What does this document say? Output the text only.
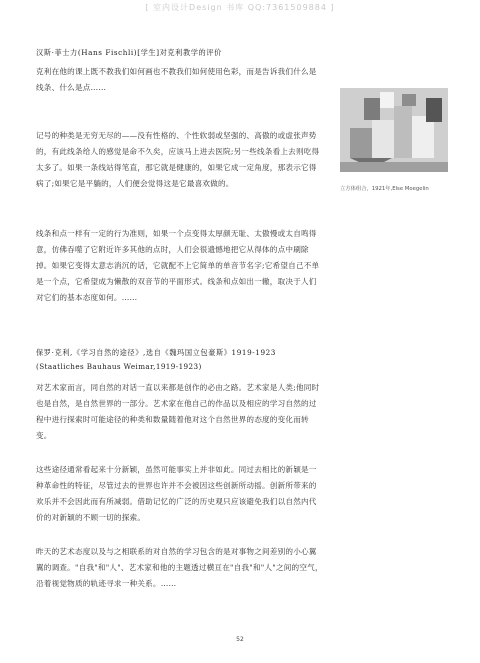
[ 室内设计Design 书库 QQ:7361509884 ]
汉斯·菲士力(Hans Fischli)[学生]对克利教学的评价
克利在他的课上既不教我们如何画也不教我们如何使用色彩，而是告诉我们什么是线条、什么是点……
记号的种类是无穷无尽的——没有性格的、个性软弱或坚强的、高傲的或虚张声势的，有此线条给人的感觉是命不久矣，应该马上进去医院;另一些线条看上去则吃得太多了。如果一条线站得笔直，那它就是健康的，如果它成一定角度，那表示它得病了;如果它是平躺的，人们便会觉得这是它最喜欢做的。
线条和点一样有一定的行为准则，如果一个点变得太厚颜无耻、太傲慢或太自鸣得意，仿佛吞噬了它附近许多其他的点时，人们会很遗憾地把它从得体的点中刷除掉。如果它变得太意志消沉的话，它就配不上它简单的单音节名字;它希望自己不单是一个点，它希望成为懒散的双音节的平面形式。线条和点如出一辙，取决于人们对它们的基本态度如何。……
立方体组合，1921年,Else Moegelin
保罗·克利,《学习自然的途径》,选自《魏玛国立包豪斯》1919-1923
(Staatliches Bauhaus Weimar,1919-1923)
对艺术家而言，同自然的对话一直以来都是创作的必由之路。艺术家是人类;他同时也是自然，是自然世界的一部分。艺术家在他自己的作品以及相应的学习自然的过程中进行探索时可能途径的种类和数量随着他对这个自然世界的态度的变化而转变。
这些途径通常看起来十分新颖，虽然可能事实上并非如此。同过去相比的新颖是一种革命性的特征，尽管过去的世界也许并不会被因这些创新所动摇。创新所带来的欢乐并不会因此而有所减弱。借助记忆的广泛的历史观只应该避免我们以自然内代价的对新颖的不顾一切的探索。
昨天的艺术态度以及与之相联系的对自然的学习包含的是对事物之间差别的小心翼翼的调查。"自我"和"人"、艺术家和他的主题透过横亘在"自我"和"人"之间的空气，沿着视觉物质的轨迹寻求一种关系。……
52
